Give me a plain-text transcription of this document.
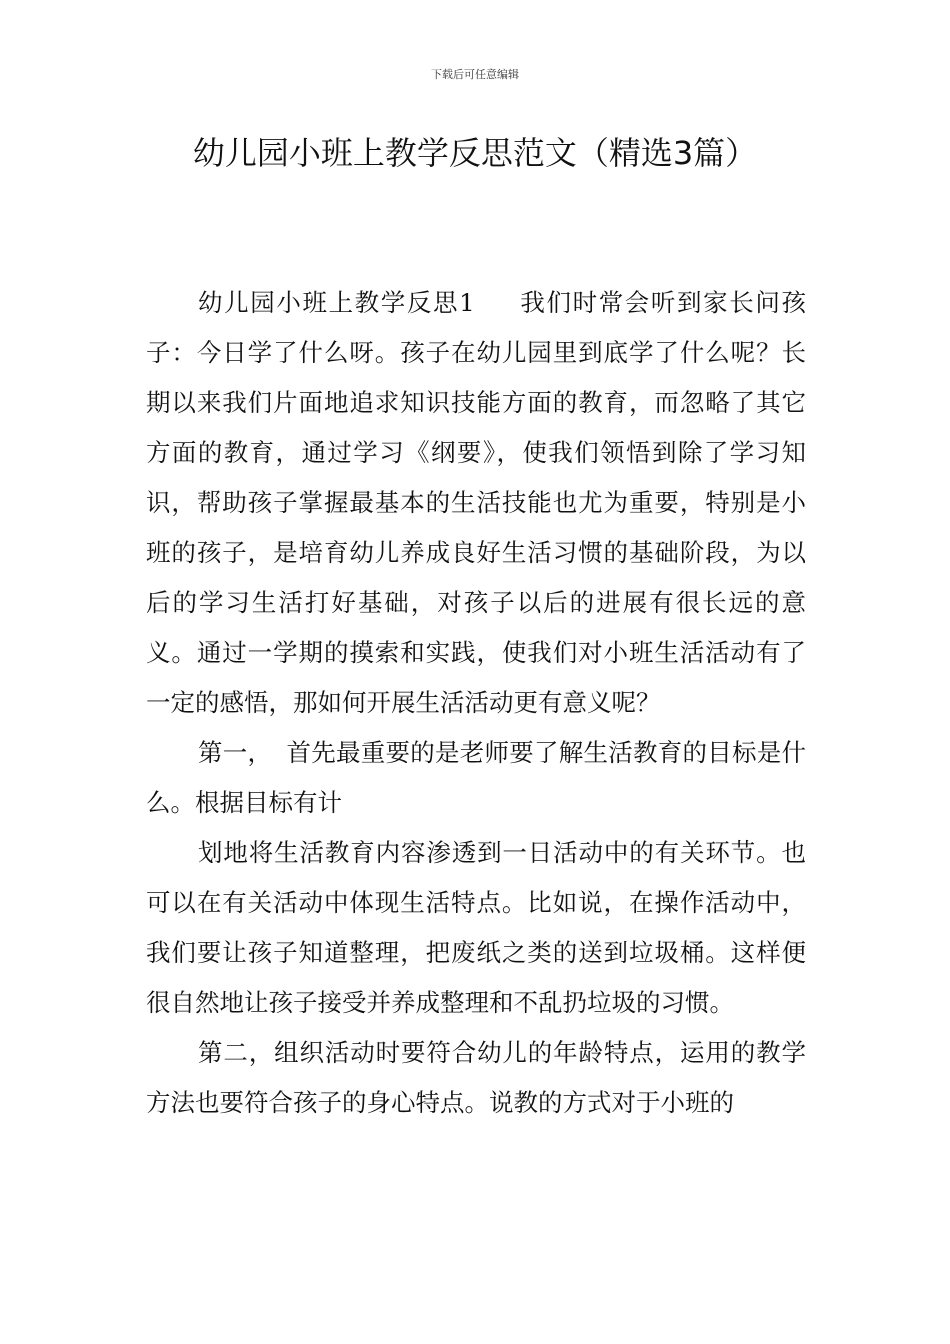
下载后可任意编辑
幼儿园小班上教学反思范文（精选3篇）

幼儿园小班上教学反思1 我们时常会听到家长问孩子：今日学了什么呀。孩子在幼儿园里到底学了什么呢？长期以来我们片面地追求知识技能方面的教育，而忽略了其它方面的教育，通过学习《纲要》，使我们领悟到除了学习知识，帮助孩子掌握最基本的生活技能也尤为重要，特别是小班的孩子，是培育幼儿养成良好生活习惯的基础阶段，为以后的学习生活打好基础，对孩子以后的进展有很长远的意义。通过一学期的摸索和实践，使我们对小班生活活动有了一定的感悟，那如何开展生活活动更有意义呢？

第一， 首先最重要的是老师要了解生活教育的目标是什么。根据目标有计

划地将生活教育内容渗透到一日活动中的有关环节。也可以在有关活动中体现生活特点。比如说，在操作活动中，我们要让孩子知道整理，把废纸之类的送到垃圾桶。这样便很自然地让孩子接受并养成整理和不乱扔垃圾的习惯。

第二，组织活动时要符合幼儿的年龄特点，运用的教学方法也要符合孩子的身心特点。说教的方式对于小班的
